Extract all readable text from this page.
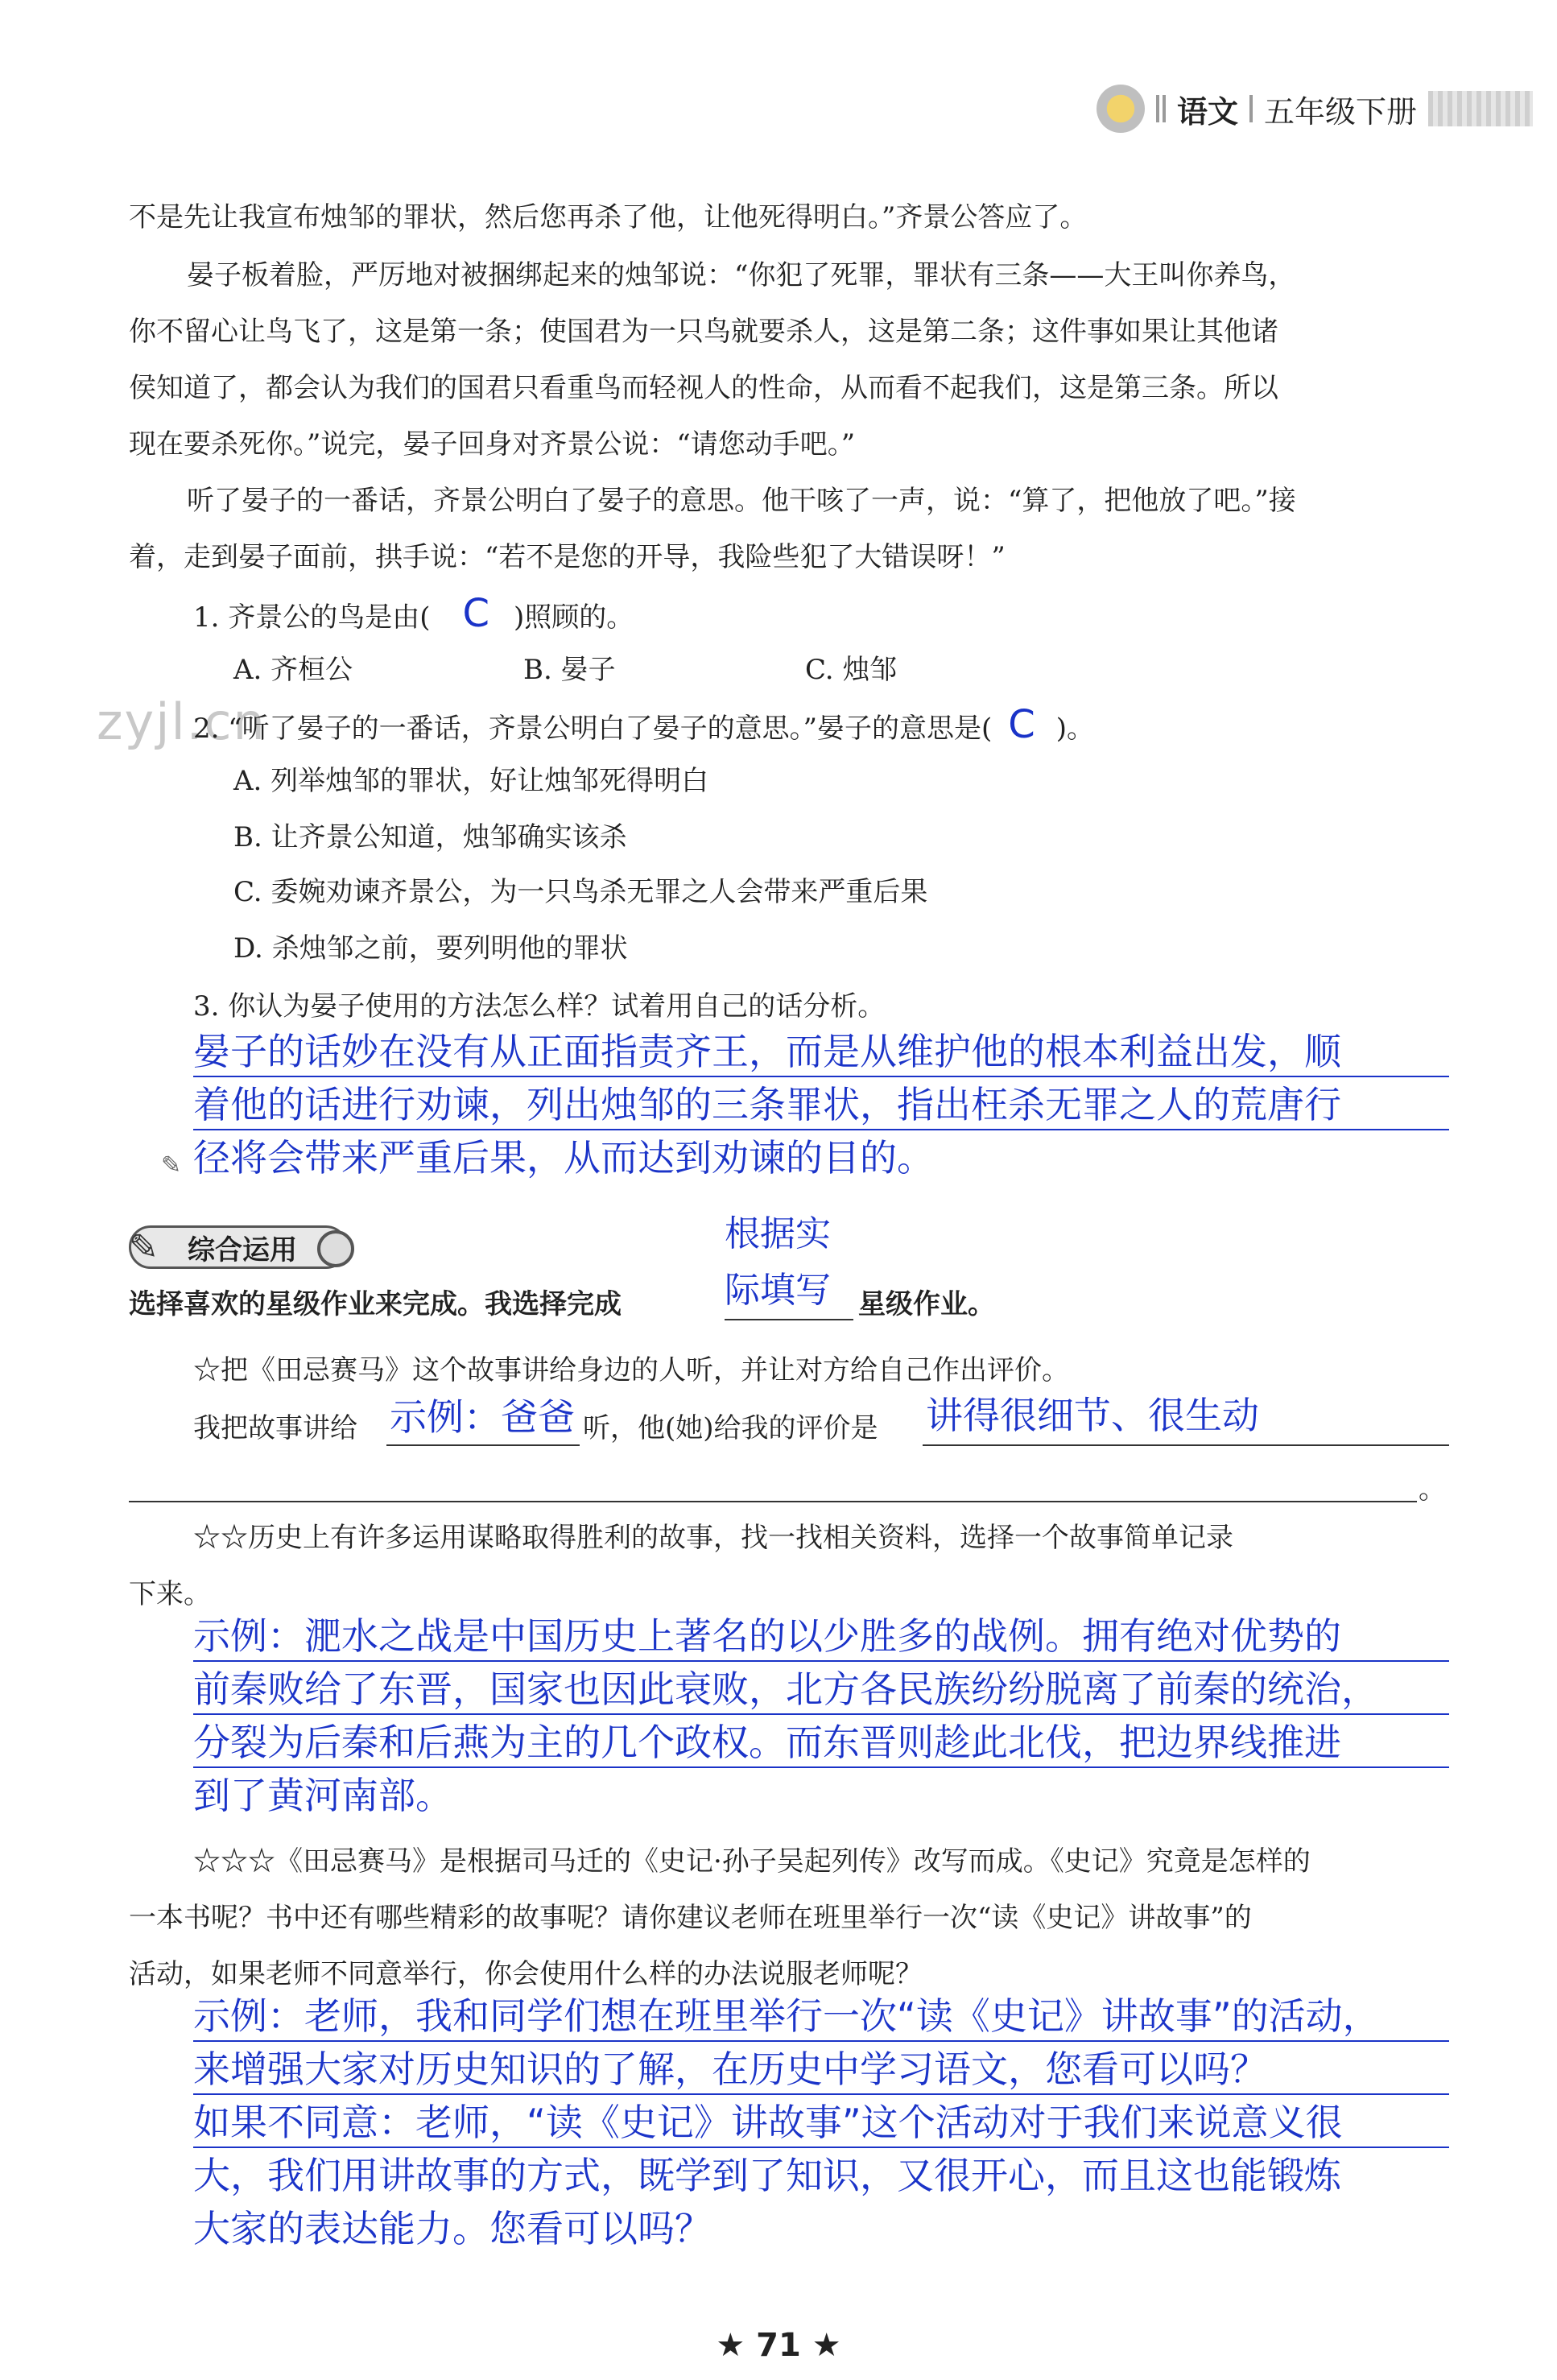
语文 五年级下册
不是先让我宣布烛邹的罪状，然后您再杀了他，让他死得明白。”齐景公答应了。
晏子板着脸，严厉地对被捆绑起来的烛邹说：“你犯了死罪，罪状有三条——大王叫你养鸟，
你不留心让鸟飞了，这是第一条；使国君为一只鸟就要杀人，这是第二条；这件事如果让其他诸
侯知道了，都会认为我们的国君只看重鸟而轻视人的性命，从而看不起我们，这是第三条。所以
现在要杀死你。”说完，晏子回身对齐景公说：“请您动手吧。”
听了晏子的一番话，齐景公明白了晏子的意思。他干咳了一声，说：“算了，把他放了吧。”接
着，走到晏子面前，拱手说：“若不是您的开导，我险些犯了大错误呀！”
1. 齐景公的鸟是由( C )照顾的。
A. 齐桓公	B. 晏子	C. 烛邹
zyjl.cn
2. “听了晏子的一番话，齐景公明白了晏子的意思。”晏子的意思是( C )。
A. 列举烛邹的罪状，好让烛邹死得明白
B. 让齐景公知道，烛邹确实该杀
C. 委婉劝谏齐景公，为一只鸟杀无罪之人会带来严重后果
D. 杀烛邹之前，要列明他的罪状
3. 你认为晏子使用的方法怎么样？试着用自己的话分析。
晏子的话妙在没有从正面指责齐王，而是从维护他的根本利益出发，顺
着他的话进行劝谏，列出烛邹的三条罪状，指出枉杀无罪之人的荒唐行
✎ 径将会带来严重后果，从而达到劝谏的目的。
✎	综合运用	根据实
际填写
选择喜欢的星级作业来完成。我选择完成	星级作业。
☆把《田忌赛马》这个故事讲给身边的人听，并让对方给自己作出评价。
我把故事讲给 示例：爸爸 听，他(她)给我的评价是 讲得很细节、很生动
。
☆☆历史上有许多运用谋略取得胜利的故事，找一找相关资料，选择一个故事简单记录
下来。
示例：淝水之战是中国历史上著名的以少胜多的战例。拥有绝对优势的
前秦败给了东晋，国家也因此衰败，北方各民族纷纷脱离了前秦的统治，
分裂为后秦和后燕为主的几个政权。而东晋则趁此北伐，把边界线推进
到了黄河南部。
☆☆☆《田忌赛马》是根据司马迁的《史记·孙子吴起列传》改写而成。《史记》究竟是怎样的
一本书呢？书中还有哪些精彩的故事呢？请你建议老师在班里举行一次“读《史记》讲故事”的
活动，如果老师不同意举行，你会使用什么样的办法说服老师呢？
示例：老师，我和同学们想在班里举行一次“读《史记》讲故事”的活动，
来增强大家对历史知识的了解，在历史中学习语文，您看可以吗？
如果不同意：老师，“读《史记》讲故事”这个活动对于我们来说意义很
大，我们用讲故事的方式，既学到了知识，又很开心，而且这也能锻炼
大家的表达能力。您看可以吗？
★ 71 ★
